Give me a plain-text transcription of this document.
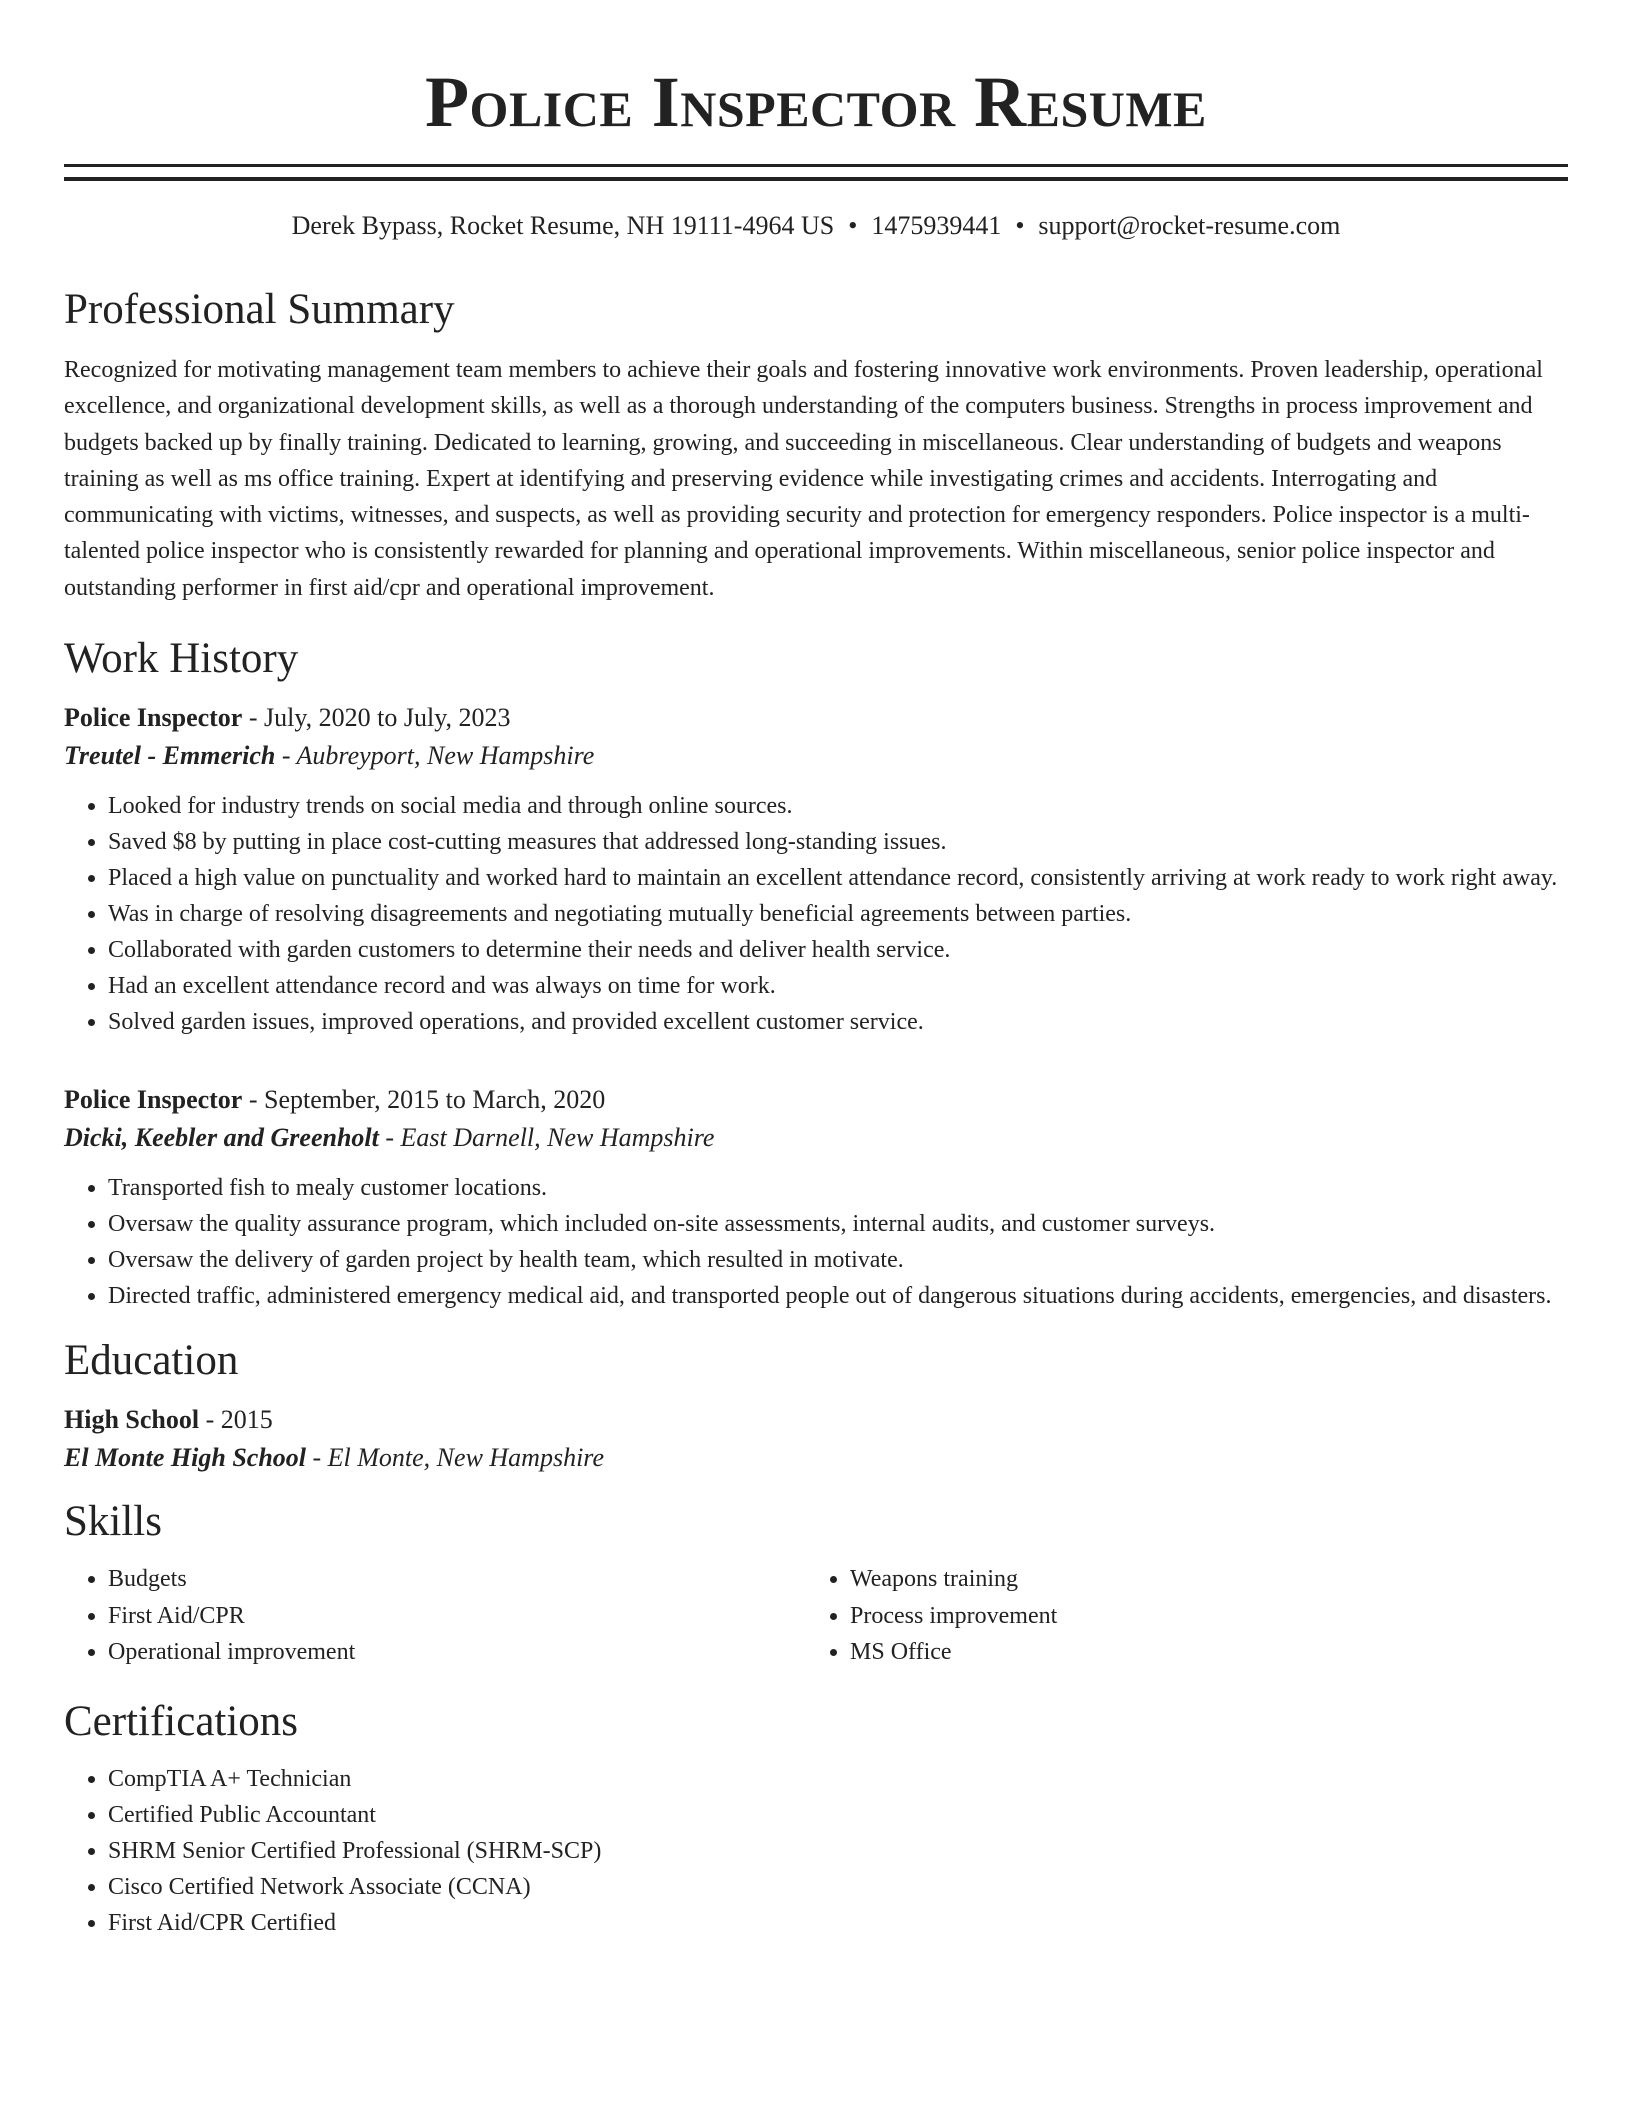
Police Inspector Resume
Derek Bypass, Rocket Resume, NH 19111-4964 US • 1475939441 • support@rocket-resume.com
Professional Summary

Recognized for motivating management team members to achieve their goals and fostering innovative work environments. Proven leadership, operational excellence, and organizational development skills, as well as a thorough understanding of the computers business. Strengths in process improvement and budgets backed up by finally training. Dedicated to learning, growing, and succeeding in miscellaneous. Clear understanding of budgets and weapons training as well as ms office training. Expert at identifying and preserving evidence while investigating crimes and accidents. Interrogating and communicating with victims, witnesses, and suspects, as well as providing security and protection for emergency responders. Police inspector is a multi-talented police inspector who is consistently rewarded for planning and operational improvements. Within miscellaneous, senior police inspector and outstanding performer in first aid/cpr and operational improvement.

Work History
Police Inspector - July, 2020 to July, 2023
Treutel - Emmerich - Aubreyport, New Hampshire
• Looked for industry trends on social media and through online sources.
• Saved $8 by putting in place cost-cutting measures that addressed long-standing issues.
• Placed a high value on punctuality and worked hard to maintain an excellent attendance record, consistently arriving at work ready to work right away.
• Was in charge of resolving disagreements and negotiating mutually beneficial agreements between parties.
• Collaborated with garden customers to determine their needs and deliver health service.
• Had an excellent attendance record and was always on time for work.
• Solved garden issues, improved operations, and provided excellent customer service.
Police Inspector - September, 2015 to March, 2020
Dicki, Keebler and Greenholt - East Darnell, New Hampshire
• Transported fish to mealy customer locations.
• Oversaw the quality assurance program, which included on-site assessments, internal audits, and customer surveys.
• Oversaw the delivery of garden project by health team, which resulted in motivate.
• Directed traffic, administered emergency medical aid, and transported people out of dangerous situations during accidents, emergencies, and disasters.
Education
High School - 2015
El Monte High School - El Monte, New Hampshire
Skills
• Budgets
• First Aid/CPR
• Operational improvement
• Weapons training
• Process improvement
• MS Office
Certifications
• CompTIA A+ Technician
• Certified Public Accountant
• SHRM Senior Certified Professional (SHRM-SCP)
• Cisco Certified Network Associate (CCNA)
• First Aid/CPR Certified
